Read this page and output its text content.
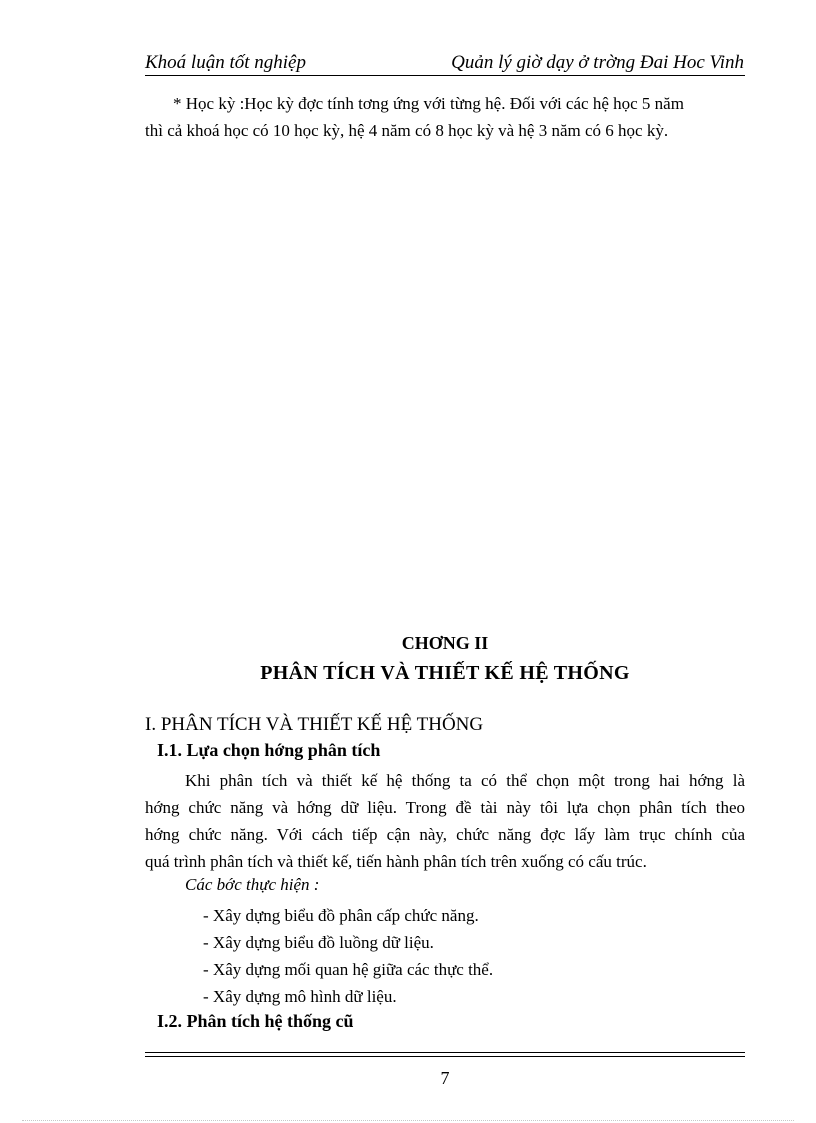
Khoá luận tốt nghiệp	Quản lý giờ dạy ở trờng Đai Hoc Vinh
* Học kỳ :Học kỳ đợc tính tơng ứng với từng hệ. Đối với các hệ học 5 năm
thì cả khoá học có 10 học kỳ, hệ 4 năm có 8 học kỳ và hệ 3 năm có 6 học kỳ.
CHƠNG II
PHÂN TÍCH VÀ THIẾT KẾ HỆ THỐNG
I. PHÂN TÍCH VÀ THIẾT KẾ HỆ THỐNG
I.1. Lựa chọn hớng phân tích
Khi phân tích và thiết kế hệ thống ta có thể chọn một trong hai hớng là
hớng chức năng và hớng dữ liệu. Trong đề tài này tôi lựa chọn phân tích theo
hớng chức năng. Với cách tiếp cận này, chức năng đợc lấy làm trục chính của
quá trình phân tích và thiết kế, tiến hành phân tích trên xuống có cấu trúc.
Các bớc thực hiện :
- Xây dựng biểu đồ phân cấp chức năng.
- Xây dựng biểu đồ luồng dữ liệu.
- Xây dựng mối quan hệ giữa các thực thể.
- Xây dựng mô hình dữ liệu.
I.2. Phân tích hệ thống cũ
7
